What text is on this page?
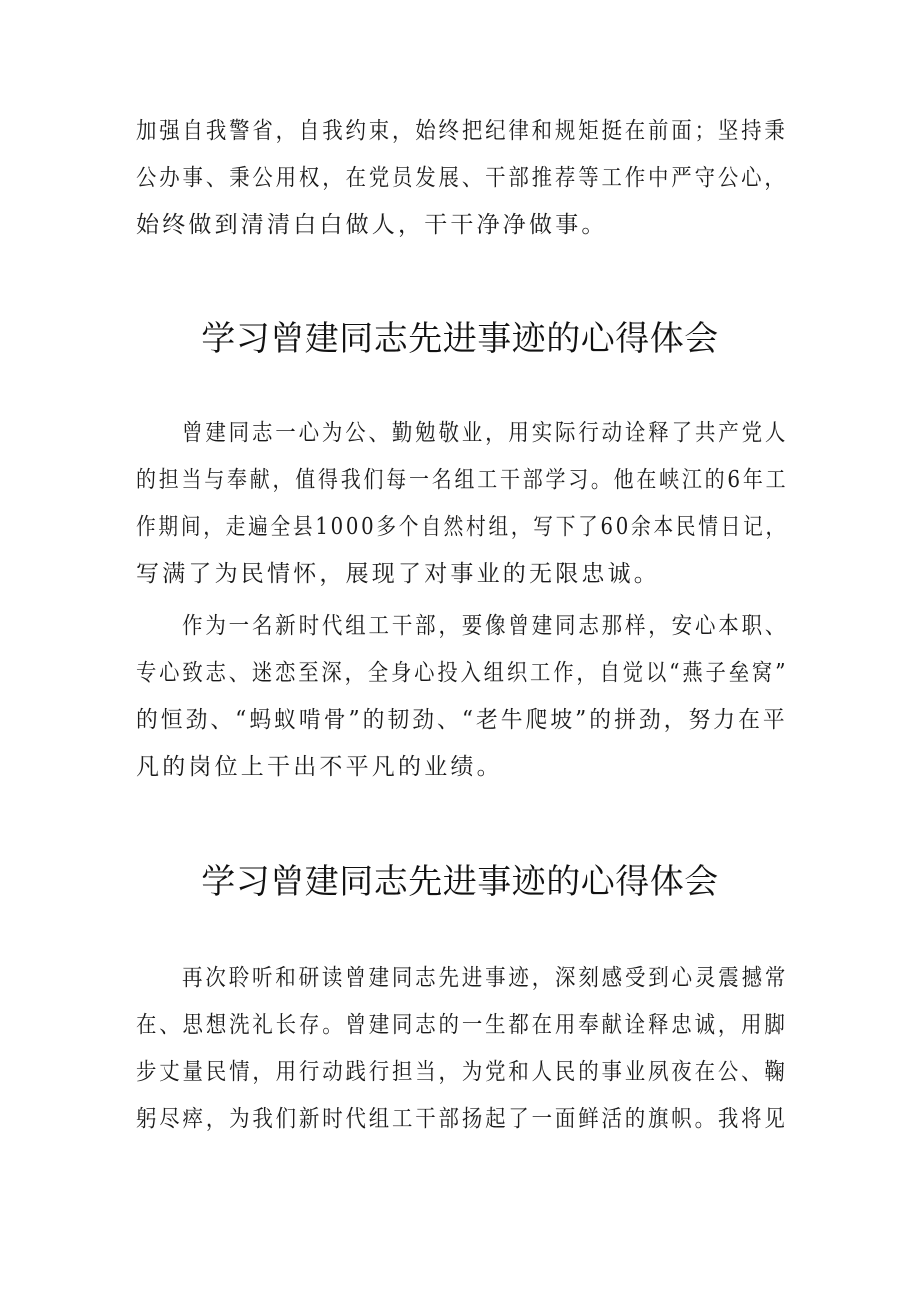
加强自我警省，自我约束，始终把纪律和规矩挺在前面；坚持秉
公办事、秉公用权，在党员发展、干部推荐等工作中严守公心，
始终做到清清白白做人，干干净净做事。
学习曾建同志先进事迹的心得体会
曾建同志一心为公、勤勉敬业，用实际行动诠释了共产党人
的担当与奉献，值得我们每一名组工干部学习。他在峡江的6年工
作期间，走遍全县1000多个自然村组，写下了60余本民情日记，
写满了为民情怀，展现了对事业的无限忠诚。
作为一名新时代组工干部，要像曾建同志那样，安心本职、
专心致志、迷恋至深，全身心投入组织工作，自觉以“燕子垒窝”
的恒劲、“蚂蚁啃骨”的韧劲、“老牛爬坡”的拼劲，努力在平
凡的岗位上干出不平凡的业绩。
学习曾建同志先进事迹的心得体会
再次聆听和研读曾建同志先进事迹，深刻感受到心灵震撼常
在、思想洗礼长存。曾建同志的一生都在用奉献诠释忠诚，用脚
步丈量民情，用行动践行担当，为党和人民的事业夙夜在公、鞠
躬尽瘁，为我们新时代组工干部扬起了一面鲜活的旗帜。我将见
